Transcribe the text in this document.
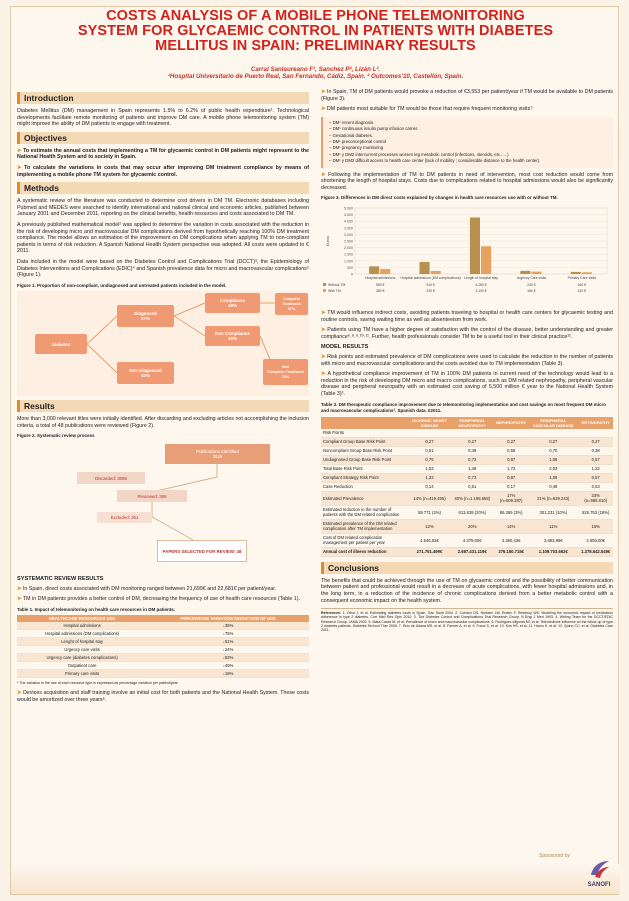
COSTS ANALYSIS OF A MOBILE PHONE TELEMONITORING
SYSTEM FOR GLYCAEMIC CONTROL IN PATIENTS WITH DIABETES
MELLITUS IN SPAIN: PRELIMINARY RESULTS
Carral Sanlaureano F¹, Sanchez P², Lizán L².
¹Hospital Universitario de Puerto Real, San Fernando, Cádiz, Spain. ² Outcomes’10, Castellón, Spain.
Introduction

Diabetes Mellitus (DM) management in Spain represents 1.5% to 6.2% of public health expenditure¹. Technological developments facilitate remote monitoring of patients and improve DM care. A mobile phone telemonitoring system (TM) might improve the ability of DM patients to engage with treatment.

Objectives

➤ To estimate the annual costs that implementing a TM for glycaemic control in DM patients might represent to the National Health System and to society in Spain.

➤ To calculate the variations in costs that may occur after improving DM treatment compliance by means of implementing a mobile phone TM system for glycaemic control.

Methods

A systematic review of the literature was conducted to determine cost drivers in DM TM. Electronic databases including Pubmed and MEDES were searched to identify international and national clinical and economic articles, published between January 2001 and December 2011, reporting on the clinical benefits, health resources and costs associated to DM TM.

A previously published mathematical model² was applied to determine the variation in costs associated with the reduction in the risk of developing micro and macrovascular DM complications derived from hypothetically reaching 100% DM treatment compliance. The model allows an estimation of the improvement on DM complications when applying TM to non-compliant patients in terms of risk reduction. A Spanish National Health System perspective was adopted. All costs were updated to € 2011.

Data included in the model were based on the Diabetes Control and Complications Trial (DCCT)³, the Epidemiology of Diabetes Interventions and Complications (EDIC)⁴ and Spanish prevalence data for micro and macrovascular complications⁵ (Figure 1).

Figure 1. Proportion of non-compliant, undiagnosed and untreated patients included in the model.
Diabetes
Diagnosed
57%
Non Diagnosed
43%
Compliance
49%
Non Compliance
32%
Complete
Treatment
67%
Non
Complete Treatment
73%
Results

More than 3,000 relevant titles were initially identified. After discarding and excluding articles not accomplishing the inclusion criteria, a total of 48 publications were reviewed (Figure 2).

Figure 2. Systematic review process
Publications Identified
3526
Discarded: 3088
Reviewed: 398
Excluded: 351
PAPERS SELECTED FOR REVIEW: 48
SYSTEMATIC REVIEW RESULTS

➤ In Spain, direct costs associated with DM monitoring ranged between 21,699€ and 22,681€ per patient/year.

➤ TM in DM patients provides a better control of DM, decreasing the frequency of use of health care resources (Table 1).

Table 1. Impact of telemonitoring on health care resources in DM patients.
HEALTHCARE RESOURCES USE	PERCENTAGE VARIATION REDUCTION OF USE
Hospital admissions	↓35%
Hospital admissions (DM complications)	↓75%
Lenght of hospital stay	↓51%
Urgency care visits	↓24%
Urgency care (diabetes complications)	↓83%
Outpatient care	↓49%
Primary care visits	↓19%
* The variation in the use of each resource type is expressed as percentage variation per patient/year.

➤ Devices acquisition and staff training involve an initial cost for both patients and the National Health System. These costs would be amortized over three years⁶.

➤ In Spain, TM of DM patients would provoke a reduction of €3,553 per patient/year if TM would be available to DM patients (Figure 3).

➤ DM patients most suitable for TM would be those that require frequent monitoring visits⁷:

– DM¹ recent diagnosis.
– DM¹ continuous insulin pump infusion carrier.
– Gestational diabetes.
– DM¹ preconceptional control
– DM¹ pregnancy monitoring
– DM¹ y DM2 intercurrent processes worsen leg metabolic control (infections, steroids, etc......)
– DM¹ y DM2 difficult access to health care center (lack of mobility ; considerable distance to the health center).

➤ Following the implementation of TM to DM patients in need of intervention, most cost reduction would come from shortening the length of hospital stays. Costs due to complications related to hospital admissions would also be significantly decreased.

Figure 3. Differences in DM direct costs explained by changes in health care resources use with or without TM.
0
500
1.000
1.500
2.000
2.500
3.000
3.500
4.000
4.500
5.000
Euros
Hospital admissions Hospital admissions (DM complications) Length of hospital stay	Urgency Care visits	Primary Care visits
Without TM	580 €	910 €	4.280 €	240 €	160 €
With TM	380 €	230 €	2.100 €	180 €	130 €

➤ TM would influence indirect costs, avoiding patients traveling to hospital or health care centers for glycaemic testing and routine controls, saving waiting time as well as absenteeism from work.

➤ Patients using TM have a higher degree of satisfaction with the control of the disease, better understanding and greater compliance⁶˒⁸˒⁹˒¹⁰˒¹¹. Further, health professionals consider TM to be a useful tool in their clinical practice¹².

MODEL RESULTS

➤ Risk points and estimated prevalence of DM complications were used to calculate the reduction in the number of patients with micro and macrovascular complications and the costs avoided due to TM implementation (Table 3).

➤ A hypothetical compliance improvement of TM in 100% DM patients in current need of the technology would lead to a reduction in the risk of developing DM micro and macro complications, such as DM related nephropathy, peripheral vascular disease and peripheral neuropathy with an estimated cost saving of 5,500 million € year to the National Health System (Table 3)².

Table 3. DM therapeutic compliance improvement due to telemonitoring implementation and cost savings on most frequent DM micro and macrovascular complications². Spanish data. €2011.
	ISCHEMIC HEART DISEASE	PERIPHERAL NEUROPATHY	NEPHROPATHY	PERIPHERAL VASCULAR DISEASE	RETINOPATHY
Risk Points					
Compliant Group Base Risk Point	0,27	0,27	0,27	0,27	0,27
Noncompliant Group Base Risk Point	0,51	0,49	0,58	0,70	0,38
Undiagnosed Group Base Risk Point	0,75	0,72	0,87	1,06	0,57
Total Base Risk Point	1,53	1,48	1,72	2,03	1,22
Compliant Strategy Risk Point	1,33	0,73	0,87	1,06	0,57
Case Reduction	0,14	0,51	0,17	0,48	0,53
Estimated Prevalence	14% (n=419.495)	40% (n=1.198.558)	17% (n=509.387)	21% (n=629.243)	33% (n=988.810)
Estimated reduction in the number of patients with the DM related complication	59.771 (2%)	613.639 (20%)	86.265 (3%)	301.231 (10%)	526.753 (18%)
Estimated prevalence of the DM related complication after TM implementation	12%	20%	14%	11%	15%
Cost of DM related complication management per patient per year	4.546,53€	4.379,50€	4.360,42€	3.683,96€	2.606,00€
Annual cost of illness reduction	271.751.499€	2.687.431.119€	376.150.715€	1.109.703.662€	1.378.642.549€
Conclusions

The benefits that could be achieved through the use of TM on glycaemic control and the possibility of better communication between patient and professional would result in a decrease of acute complications, with fewer hospital admissions and, in the long term, in a reduction of the incidence of chronic complications derived from a better metabolic control with a consequent economic impact on the health system.

References: 1. Oliva J, et al. Estimating diabetes costs in Spain. Gac Sanit 2004. 2. Cobden DS, Niessen LW, Rutten F, Redekop WK. Modeling the economic impact of medication adherence in type 2 diabetes. Curr Med Res Opin 2010. 3. The Diabetes Control and Complications Trial Research Group. N Engl J Med 1993. 4. Writing Team for the DCCT/EDIC Research Group. JAMA 2002. 5. Mata-Cases M, et al. Prevalence of micro and macrovascular complications. 6. Rodriguez-Idigoras MI, et al. Telemedicine influence on the follow-up of type 2 diabetes patients. Diabetes Technol Ther 2009. 7. Ruiz de Adana MS, et al. 8. Farmer A, et al. 9. Franc S, et al. 10. Kim HS, et al. 11. Harno K, et al. 12. Quinn CC, et al. Diabetes Care 2011.
Sponsored by
SANOFI
